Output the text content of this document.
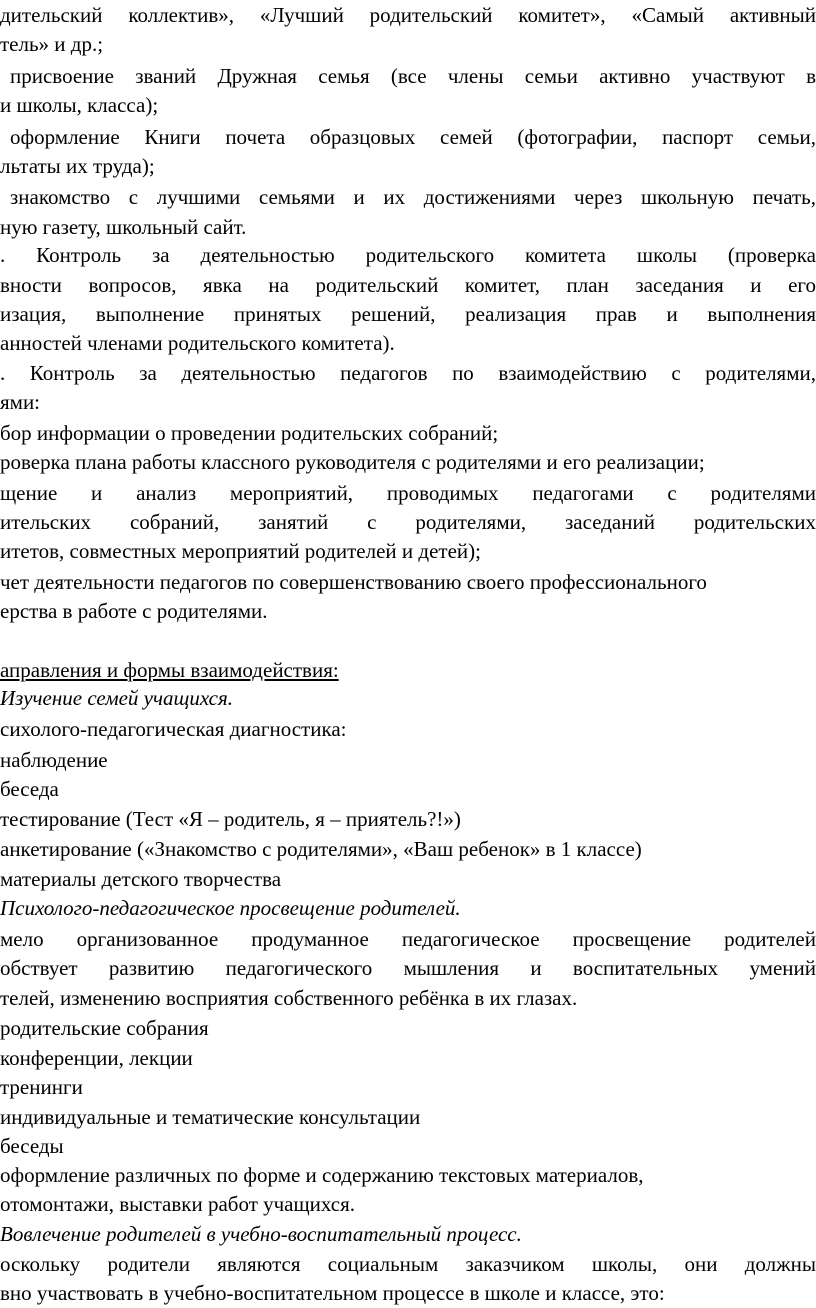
дительский коллектив», «Лучший родительский комитет», «Самый активный

тель» и др.;

присвоение званий Дружная семья (все члены семьи активно участвуют в

и школы, класса);

оформление Книги почета образцовых семей (фотографии, паспорт семьи,

льтаты их труда);

знакомство с лучшими семьями и их достижениями через школьную печать,

ную газету, школьный сайт.

. Контроль за деятельностью родительского комитета школы (проверка

вности вопросов, явка на родительский комитет, план заседания и его

изация, выполнение принятых решений, реализация прав и выполнения

анностей членами родительского комитета).

. Контроль за деятельностью педагогов по взаимодействию с родителями,

ями:

бор информации о проведении родительских собраний;

роверка плана работы классного руководителя с родителями и его реализации;

щение и анализ мероприятий, проводимых педагогами с родителями

ительских собраний, занятий с родителями, заседаний родительских

итетов, совместных мероприятий родителей и детей);

чет деятельности педагогов по совершенствованию своего профессионального

ерства в работе с родителями.

аправления и формы взаимодействия:

Изучение семей учащихся.

сихолого-педагогическая диагностика:

наблюдение

беседа

тестирование (Тест «Я – родитель, я – приятель?!»)

анкетирование («Знакомство с родителями», «Ваш ребенок» в 1 классе)

материалы детского творчества

Психолого-педагогическое просвещение родителей.

мело организованное продуманное педагогическое просвещение родителей

обствует развитию педагогического мышления и воспитательных умений

телей, изменению восприятия собственного ребёнка в их глазах.

родительские собрания

конференции, лекции

тренинги

индивидуальные и тематические консультации

беседы

оформление различных по форме и содержанию текстовых материалов,

отомонтажи, выставки работ учащихся.

Вовлечение родителей в учебно-воспитательный процесс.

оскольку родители являются социальным заказчиком школы, они должны

вно участвовать в учебно-воспитательном процессе в школе и классе, это:
